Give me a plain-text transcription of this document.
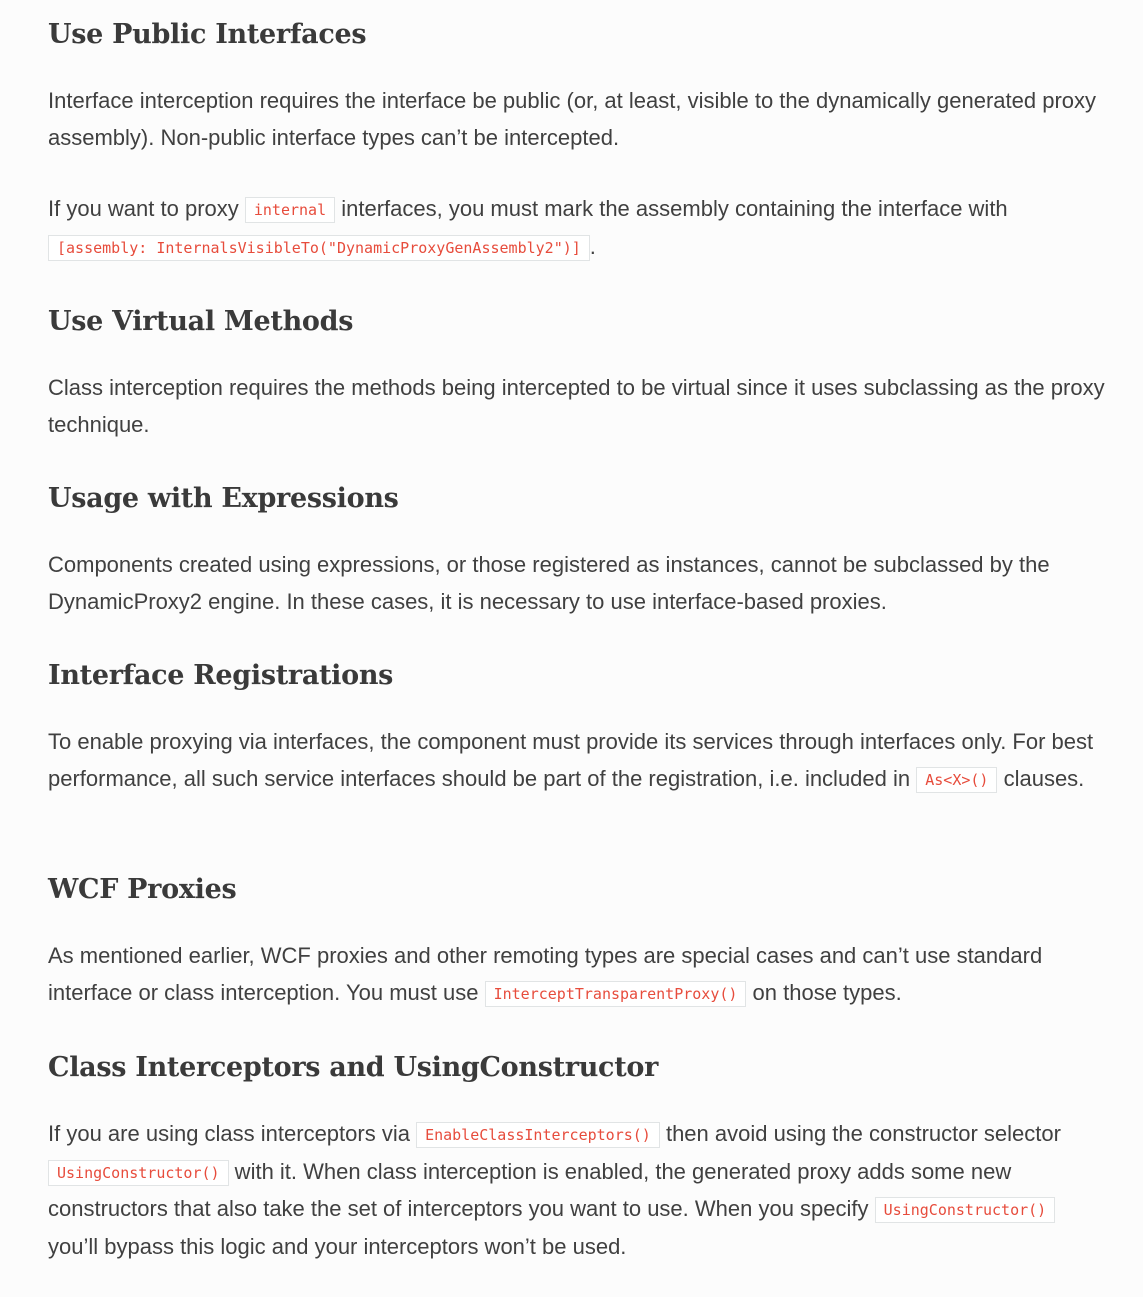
Use Public Interfaces

Interface interception requires the interface be public (or, at least, visible to the dynamically generated proxy assembly). Non-public interface types can’t be intercepted.

If you want to proxy internal interfaces, you must mark the assembly containing the interface with [assembly: InternalsVisibleTo("DynamicProxyGenAssembly2")] .

Use Virtual Methods

Class interception requires the methods being intercepted to be virtual since it uses subclassing as the proxy technique.

Usage with Expressions

Components created using expressions, or those registered as instances, cannot be subclassed by the DynamicProxy2 engine. In these cases, it is necessary to use interface-based proxies.

Interface Registrations

To enable proxying via interfaces, the component must provide its services through interfaces only. For best performance, all such service interfaces should be part of the registration, i.e. included in As<X>() clauses.

WCF Proxies

As mentioned earlier, WCF proxies and other remoting types are special cases and can’t use standard interface or class interception. You must use InterceptTransparentProxy() on those types.

Class Interceptors and UsingConstructor

If you are using class interceptors via EnableClassInterceptors() then avoid using the constructor selector UsingConstructor() with it. When class interception is enabled, the generated proxy adds some new constructors that also take the set of interceptors you want to use. When you specify UsingConstructor() you’ll bypass this logic and your interceptors won’t be used.
